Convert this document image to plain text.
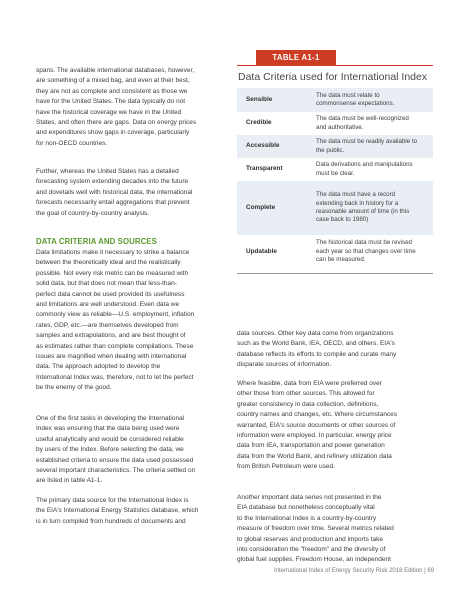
spans. The available international databases, however,
are something of a mixed bag, and even at their best,
they are not as complete and consistent as those we
have for the United States. The data typically do not
have the historical coverage we have in the United
States, and often there are gaps. Data on energy prices
and expenditures show gaps in coverage, particularly
for non-OECD countries.

Further, whereas the United States has a detailed
forecasting system extending decades into the future
and dovetails well with historical data, the international
forecasts necessarily entail aggregations that prevent
the goal of country-by-country analysis.

DATA CRITERIA AND SOURCES

Data limitations make it necessary to strike a balance
between the theoretically ideal and the realistically
possible. Not every risk metric can be measured with
solid data, but that does not mean that less-than-
perfect data cannot be used provided its usefulness
and limitations are well understood. Even data we
commonly view as reliable—U.S. employment, inflation
rates, GDP, etc.—are themselves developed from
samples and extrapolations, and are best thought of
as estimates rather than complete compilations. These
issues are magnified when dealing with international
data. The approach adopted to develop the
International Index was, therefore, not to let the perfect
be the enemy of the good.

One of the first tasks in developing the International
Index was ensuring that the data being used were
useful analytically and would be considered reliable
by users of the Index. Before selecting the data, we
established criteria to ensure the data used possessed
several important characteristics. The criteria settled on
are listed in table A1-1.

The primary data source for the International Index is
the EIA's International Energy Statistics database, which
is in turn compiled from hundreds of documents and

TABLE A1-1
Data Criteria used for International Index
Sensible	The data must relate to
commonsense expectations.
Credible	The data must be well-recognized
and authoritative.
Accessible	The data must be readily available to
the public.
Transparent	Data derivations and manipulations
must be clear.
Complete	The data must have a record
extending back in history for a
reasonable amount of time (in this
case back to 1980)
Updatable	The historical data must be revised
each year so that changes over time
can be measured.

data sources. Other key data come from organizations
such as the World Bank, IEA, OECD, and others. EIA's
database reflects its efforts to compile and curate many
disparate sources of information.

Where feasible, data from EIA were preferred over
other those from other sources. This allowed for
greater consistency in data collection, definitions,
country names and changes, etc. Where circumstances
warranted, EIA's source documents or other sources of
information were employed. In particular, energy price
data from IEA, transportation and power generation
data from the World Bank, and refinery utilization data
from British Petroleum were used.

Another important data series not presented in the
EIA database but nonetheless conceptually vital
to the International Index is a country-by-country
measure of freedom over time. Several metrics related
to global reserves and production and imports take
into consideration the "freedom" and the diversity of
global fuel supplies. Freedom House, an independent

International Index of Energy Security Risk 2018 Edition | 69
